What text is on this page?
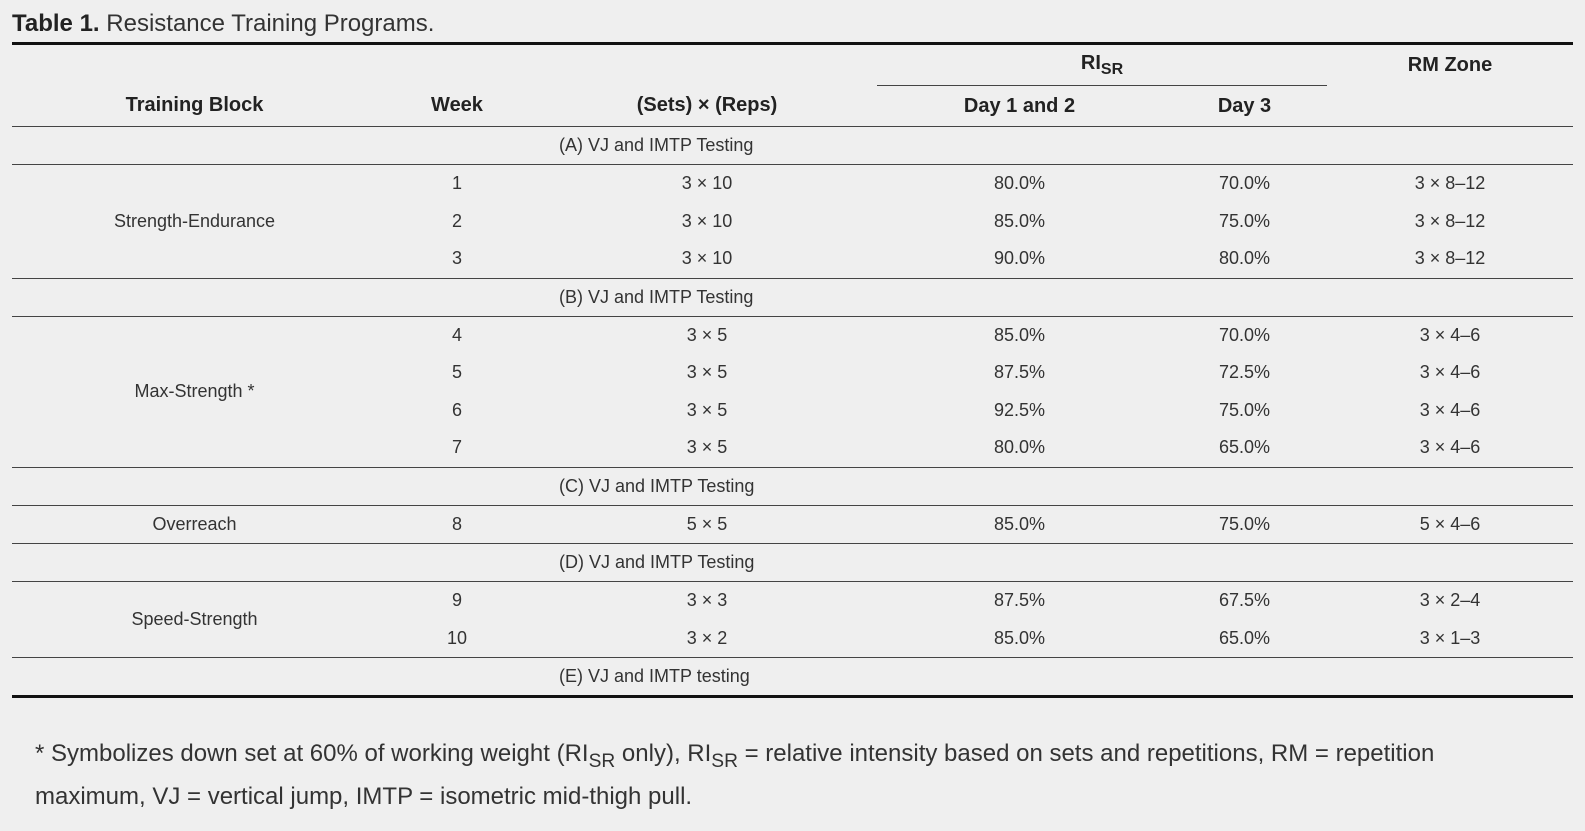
Table 1. Resistance Training Programs.
			$RI_{SR}$		RM Zone
Training Block	Week	(Sets) × (Reps)	Day 1 and 2	Day 3	
		(A) VJ and IMTP Testing			
Strength-Endurance	1	3 × 10	80.0%	70.0%	3 × 8–12
	2	3 × 10	85.0%	75.0%	3 × 8–12
	3	3 × 10	90.0%	80.0%	3 × 8–12
		(B) VJ and IMTP Testing			
Max-Strength *	4	3 × 5	85.0%	70.0%	3 × 4–6
	5	3 × 5	87.5%	72.5%	3 × 4–6
	6	3 × 5	92.5%	75.0%	3 × 4–6
	7	3 × 5	80.0%	65.0%	3 × 4–6
		(C) VJ and IMTP Testing			
Overreach	8	5 × 5	85.0%	75.0%	5 × 4–6
		(D) VJ and IMTP Testing			
Speed-Strength	9	3 × 3	87.5%	67.5%	3 × 2–4
	10	3 × 2	85.0%	65.0%	3 × 1–3
		(E) VJ and IMTP testing			
* Symbolizes down set at 60% of working weight ($RI_{SR}$ only), $RI_{SR}$ = relative intensity based on sets and repetitions, RM = repetition maximum, VJ = vertical jump, IMTP = isometric mid-thigh pull.
